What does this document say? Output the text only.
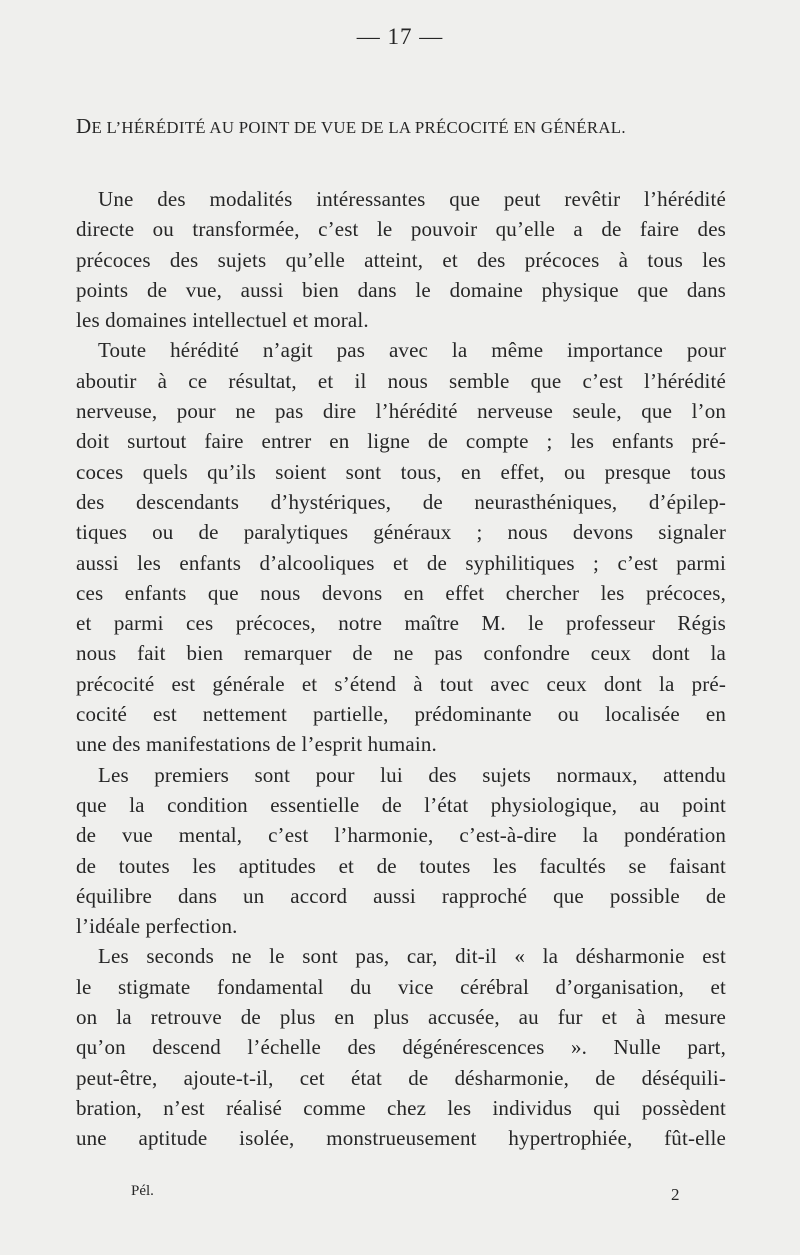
— 17 —
DE L’HÉRÉDITÉ AU POINT DE VUE DE LA PRÉCOCITÉ EN GÉNÉRAL.
Une des modalités intéressantes que peut revêtir l’hérédité
directe ou transformée, c’est le pouvoir qu’elle a de faire des
précoces des sujets qu’elle atteint, et des précoces à tous les
points de vue, aussi bien dans le domaine physique que dans
les domaines intellectuel et moral.
Toute hérédité n’agit pas avec la même importance pour
aboutir à ce résultat, et il nous semble que c’est l’hérédité
nerveuse, pour ne pas dire l’hérédité nerveuse seule, que l’on
doit surtout faire entrer en ligne de compte ; les enfants pré-
coces quels qu’ils soient sont tous, en effet, ou presque tous
des descendants d’hystériques, de neurasthéniques, d’épilep-
tiques ou de paralytiques généraux ; nous devons signaler
aussi les enfants d’alcooliques et de syphilitiques ; c’est parmi
ces enfants que nous devons en effet chercher les précoces,
et parmi ces précoces, notre maître M. le professeur Régis
nous fait bien remarquer de ne pas confondre ceux dont la
précocité est générale et s’étend à tout avec ceux dont la pré-
cocité est nettement partielle, prédominante ou localisée en
une des manifestations de l’esprit humain.
Les premiers sont pour lui des sujets normaux, attendu
que la condition essentielle de l’état physiologique, au point
de vue mental, c’est l’harmonie, c’est-à-dire la pondération
de toutes les aptitudes et de toutes les facultés se faisant
équilibre dans un accord aussi rapproché que possible de
l’idéale perfection.
Les seconds ne le sont pas, car, dit-il « la désharmonie est
le stigmate fondamental du vice cérébral d’organisation, et
on la retrouve de plus en plus accusée, au fur et à mesure
qu’on descend l’échelle des dégénérescences ». Nulle part,
peut-être, ajoute-t-il, cet état de désharmonie, de déséquili-
bration, n’est réalisé comme chez les individus qui possèdent
une aptitude isolée, monstrueusement hypertrophiée, fût-elle
Pél.	2
